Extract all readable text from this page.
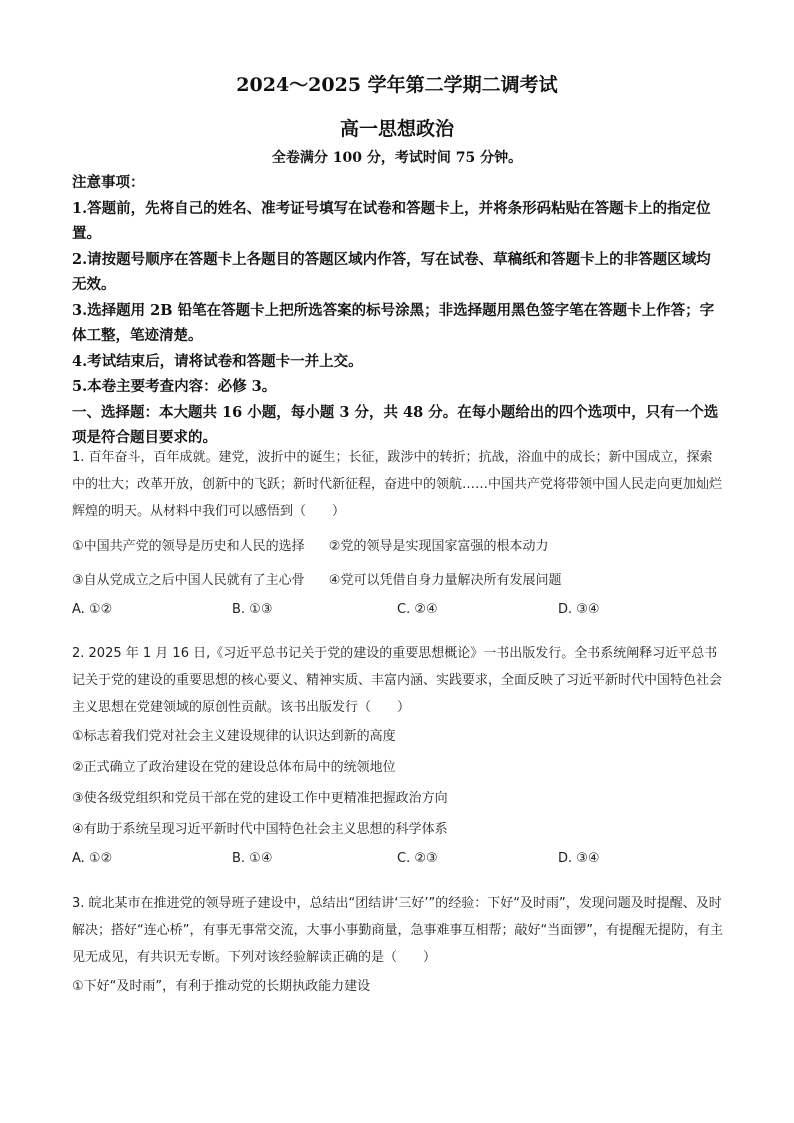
2024～2025 学年第二学期二调考试
高一思想政治
全卷满分 100 分，考试时间 75 分钟。

注意事项：

1.答题前，先将自己的姓名、准考证号填写在试卷和答题卡上，并将条形码粘贴在答题卡上的指定位置。

2.请按题号顺序在答题卡上各题目的答题区域内作答，写在试卷、草稿纸和答题卡上的非答题区域均无效。

3.选择题用 2B 铅笔在答题卡上把所选答案的标号涂黑；非选择题用黑色签字笔在答题卡上作答；字体工整，笔迹清楚。

4.考试结束后，请将试卷和答题卡一并上交。

5.本卷主要考查内容：必修 3。

一、选择题：本大题共 16 小题，每小题 3 分，共 48 分。在每小题给出的四个选项中，只有一个选项是符合题目要求的。

1. 百年奋斗，百年成就。建党，波折中的诞生；长征，跋涉中的转折；抗战，浴血中的成长；新中国成立，探索中的壮大；改革开放，创新中的飞跃；新时代新征程，奋进中的领航……中国共产党将带领中国人民走向更加灿烂辉煌的明天。从材料中我们可以感悟到（　　）

①中国共产党的领导是历史和人民的选择 ②党的领导是实现国家富强的根本动力
③自从党成立之后中国人民就有了主心骨 ④党可以凭借自身力量解决所有发展问题
A. ①②	B. ①③	C. ②④	D. ③④

2. 2025 年 1 月 16 日,《习近平总书记关于党的建设的重要思想概论》一书出版发行。全书系统阐释习近平总书记关于党的建设的重要思想的核心要义、精神实质、丰富内涵、实践要求，全面反映了习近平新时代中国特色社会主义思想在党建领域的原创性贡献。该书出版发行（　　）

①标志着我们党对社会主义建设规律的认识达到新的高度

②正式确立了政治建设在党的建设总体布局中的统领地位

③使各级党组织和党员干部在党的建设工作中更精准把握政治方向

④有助于系统呈现习近平新时代中国特色社会主义思想的科学体系

A. ①②	B. ①④	C. ②③	D. ③④

3. 皖北某市在推进党的领导班子建设中，总结出“团结讲‘三好’”的经验：下好“及时雨”，发现问题及时提醒、及时解决；搭好“连心桥”，有事无事常交流，大事小事勤商量，急事难事互相帮；敲好“当面锣”，有提醒无提防，有主见无成见，有共识无专断。下列对该经验解读正确的是（　　）

①下好“及时雨”，有利于推动党的长期执政能力建设
